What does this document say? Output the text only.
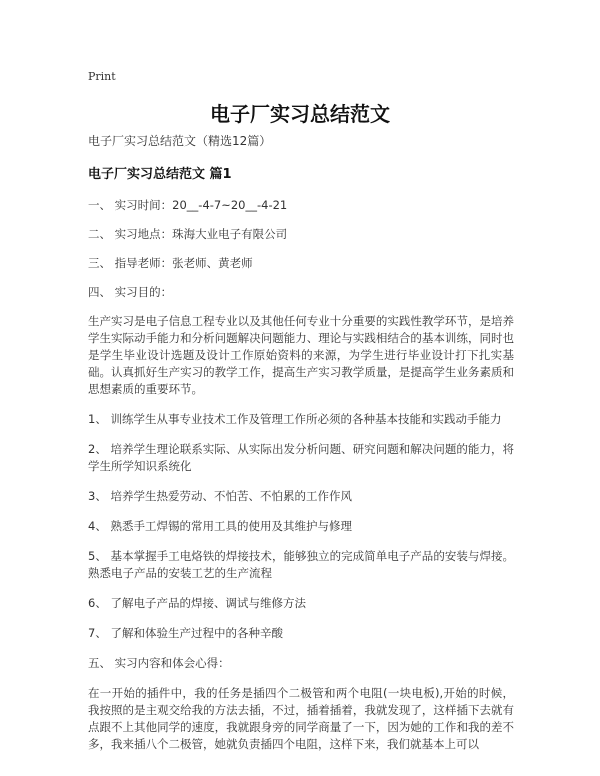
Print
电子厂实习总结范文

电子厂实习总结范文（精选12篇）

电子厂实习总结范文 篇1

一、 实习时间：20__-4-7~20__-4-21

二、 实习地点：珠海大业电子有限公司

三、 指导老师：张老师、黄老师

四、 实习目的：

生产实习是电子信息工程专业以及其他任何专业十分重要的实践性教学环节，是培养学生实际动手能力和分析问题解决问题能力、理论与实践相结合的基本训练，同时也是学生毕业设计选题及设计工作原始资料的来源，为学生进行毕业设计打下扎实基础。认真抓好生产实习的教学工作，提高生产实习教学质量，是提高学生业务素质和思想素质的重要环节。

1、 训练学生从事专业技术工作及管理工作所必须的各种基本技能和实践动手能力

2、 培养学生理论联系实际、从实际出发分析问题、研究问题和解决问题的能力，将学生所学知识系统化

3、 培养学生热爱劳动、不怕苦、不怕累的工作作风

4、 熟悉手工焊锡的常用工具的使用及其维护与修理

5、 基本掌握手工电烙铁的焊接技术，能够独立的完成简单电子产品的安装与焊接。熟悉电子产品的安装工艺的生产流程

6、 了解电子产品的焊接、调试与维修方法

7、 了解和体验生产过程中的各种辛酸

五、 实习内容和体会心得：

在一开始的插件中，我的任务是插四个二极管和两个电阻(一块电板),开始的时候，我按照的是主观交给我的方法去插，不过，插着插着，我就发现了，这样插下去就有点跟不上其他同学的速度，我就跟身旁的同学商量了一下，因为她的工作和我的差不多，我来插八个二极管，她就负责插四个电阻，这样下来，我们就基本上可以
